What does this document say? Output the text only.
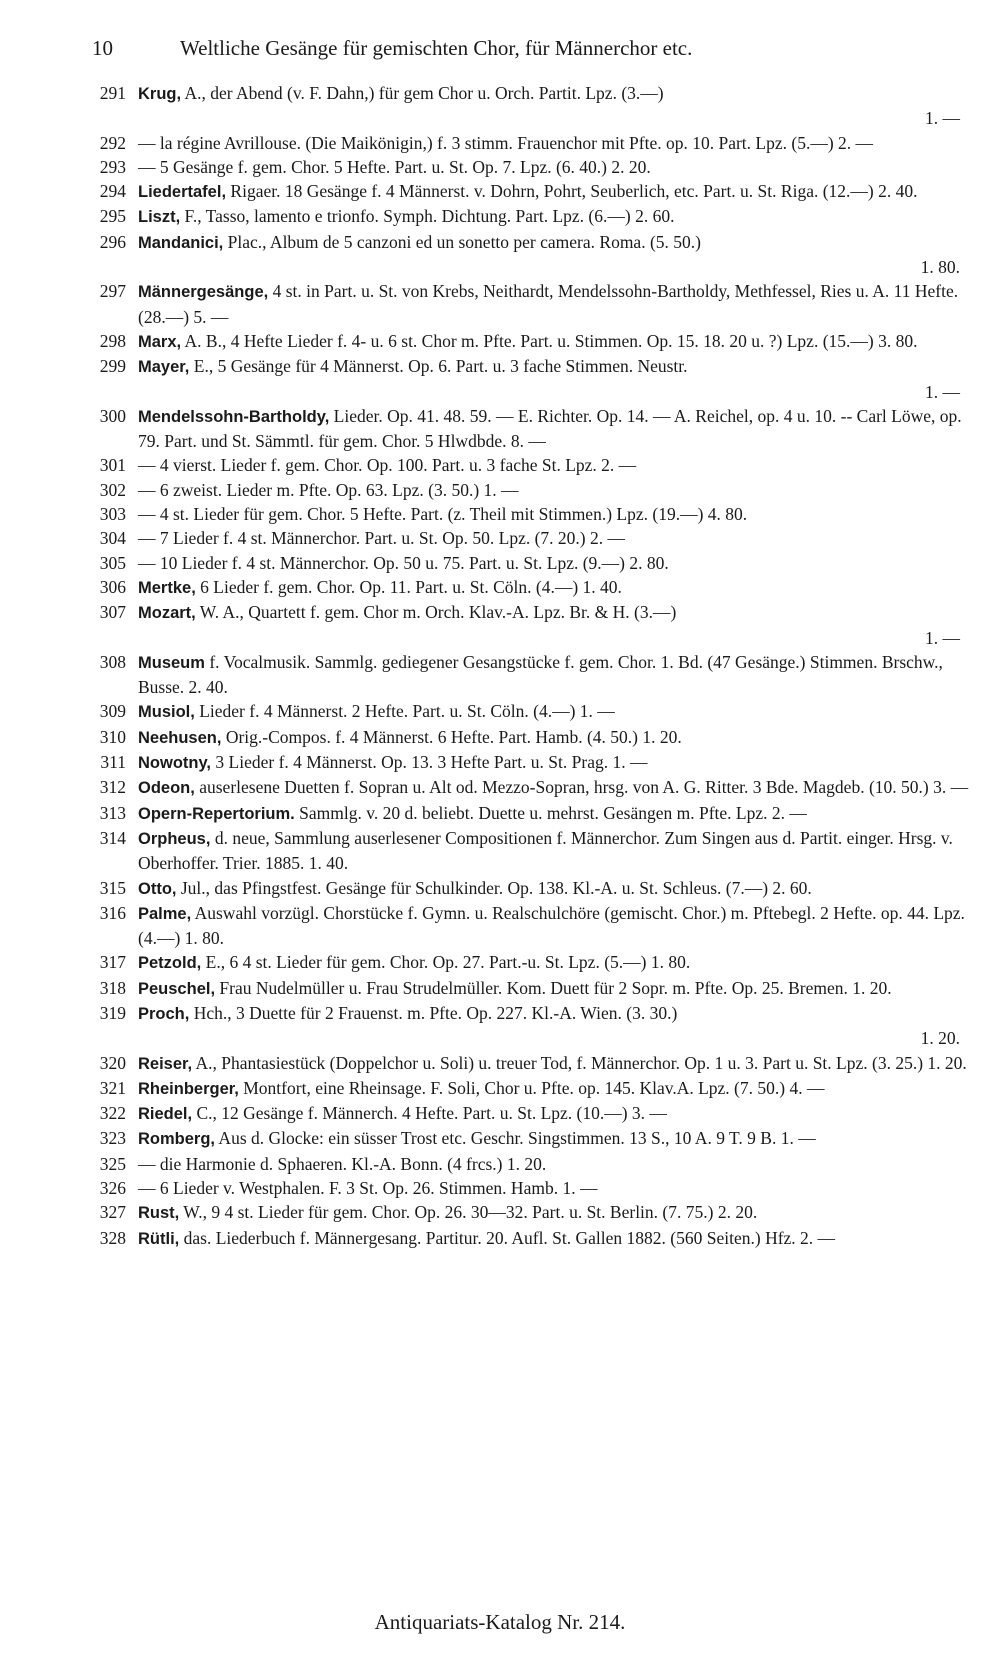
10	Weltliche Gesänge für gemischten Chor, für Männerchor etc.
291 Krug, A., der Abend (v. F. Dahn,) für gem Chor u. Orch. Partit. Lpz. (3.—)
1. —
292 — la régine Avrillouse. (Die Maikönigin,) f. 3 stimm. Frauenchor mit Pfte. op. 10. Part. Lpz. (5.—) 2. —
293 — 5 Gesänge f. gem. Chor. 5 Hefte. Part. u. St. Op. 7. Lpz. (6. 40.) 2. 20.
294 Liedertafel, Rigaer. 18 Gesänge f. 4 Männerst. v. Dohrn, Pohrt, Seuberlich, etc. Part. u. St. Riga. (12.—) 2. 40.
295 Liszt, F., Tasso, lamento e trionfo. Symph. Dichtung. Part. Lpz. (6.—) 2. 60.
296 Mandanici, Plac., Album de 5 canzoni ed un sonetto per camera. Roma. (5. 50.)
1. 80.
297 Männergesänge, 4 st. in Part. u. St. von Krebs, Neithardt, Mendelssohn-Bartholdy, Methfessel, Ries u. A. 11 Hefte. (28.—) 5. —
298 Marx, A. B., 4 Hefte Lieder f. 4- u. 6 st. Chor m. Pfte. Part. u. Stimmen. Op. 15. 18. 20 u. ?) Lpz. (15.—) 3. 80.
299 Mayer, E., 5 Gesänge für 4 Männerst. Op. 6. Part. u. 3 fache Stimmen. Neustr.
1. —
300 Mendelssohn-Bartholdy, Lieder. Op. 41. 48. 59. — E. Richter. Op. 14. — A. Reichel, op. 4 u. 10. -- Carl Löwe, op. 79. Part. und St. Sämmtl. für gem. Chor. 5 Hlwdbde. 8. —
301 — 4 vierst. Lieder f. gem. Chor. Op. 100. Part. u. 3 fache St. Lpz. 2. —
302 — 6 zweist. Lieder m. Pfte. Op. 63. Lpz. (3. 50.) 1. —
303 — 4 st. Lieder für gem. Chor. 5 Hefte. Part. (z. Theil mit Stimmen.) Lpz. (19.—) 4. 80.
304 — 7 Lieder f. 4 st. Männerchor. Part. u. St. Op. 50. Lpz. (7. 20.) 2. —
305 — 10 Lieder f. 4 st. Männerchor. Op. 50 u. 75. Part. u. St. Lpz. (9.—) 2. 80.
306 Mertke, 6 Lieder f. gem. Chor. Op. 11. Part. u. St. Cöln. (4.—) 1. 40.
307 Mozart, W. A., Quartett f. gem. Chor m. Orch. Klav.-A. Lpz. Br. & H. (3.—)
1. —
308 Museum f. Vocalmusik. Sammlg. gediegener Gesangstücke f. gem. Chor. 1. Bd. (47 Gesänge.) Stimmen. Brschw., Busse. 2. 40.
309 Musiol, Lieder f. 4 Männerst. 2 Hefte. Part. u. St. Cöln. (4.—) 1. —
310 Neehusen, Orig.-Compos. f. 4 Männerst. 6 Hefte. Part. Hamb. (4. 50.) 1. 20.
311 Nowotny, 3 Lieder f. 4 Männerst. Op. 13. 3 Hefte Part. u. St. Prag. 1. —
312 Odeon, auserlesene Duetten f. Sopran u. Alt od. Mezzo-Sopran, hrsg. von A. G. Ritter. 3 Bde. Magdeb. (10. 50.) 3. —
313 Opern-Repertorium. Sammlg. v. 20 d. beliebt. Duette u. mehrst. Gesängen m. Pfte. Lpz. 2. —
314 Orpheus, d. neue, Sammlung auserlesener Compositionen f. Männerchor. Zum Singen aus d. Partit. einger. Hrsg. v. Oberhoffer. Trier. 1885. 1. 40.
315 Otto, Jul., das Pfingstfest. Gesänge für Schulkinder. Op. 138. Kl.-A. u. St. Schleus. (7.—) 2. 60.
316 Palme, Auswahl vorzügl. Chorstücke f. Gymn. u. Realschulchöre (gemischt. Chor.) m. Pftebegl. 2 Hefte. op. 44. Lpz. (4.—) 1. 80.
317 Petzold, E., 6 4 st. Lieder für gem. Chor. Op. 27. Part.-u. St. Lpz. (5.—) 1. 80.
318 Peuschel, Frau Nudelmüller u. Frau Strudelmüller. Kom. Duett für 2 Sopr. m. Pfte. Op. 25. Bremen. 1. 20.
319 Proch, Hch., 3 Duette für 2 Frauenst. m. Pfte. Op. 227. Kl.-A. Wien. (3. 30.)
1. 20.
320 Reiser, A., Phantasiestück (Doppelchor u. Soli) u. treuer Tod, f. Männerchor. Op. 1 u. 3. Part u. St. Lpz. (3. 25.) 1. 20.
321 Rheinberger, Montfort, eine Rheinsage. F. Soli, Chor u. Pfte. op. 145. Klav.A. Lpz. (7. 50.) 4. —
322 Riedel, C., 12 Gesänge f. Männerch. 4 Hefte. Part. u. St. Lpz. (10.—) 3. —
323 Romberg, Aus d. Glocke: ein süsser Trost etc. Geschr. Singstimmen. 13 S., 10 A. 9 T. 9 B. 1. —
325 — die Harmonie d. Sphaeren. Kl.-A. Bonn. (4 frcs.) 1. 20.
326 — 6 Lieder v. Westphalen. F. 3 St. Op. 26. Stimmen. Hamb. 1. —
327 Rust, W., 9 4 st. Lieder für gem. Chor. Op. 26. 30—32. Part. u. St. Berlin. (7. 75.) 2. 20.
328 Rütli, das. Liederbuch f. Männergesang. Partitur. 20. Aufl. St. Gallen 1882. (560 Seiten.) Hfz. 2. —
Antiquariats-Katalog Nr. 214.
